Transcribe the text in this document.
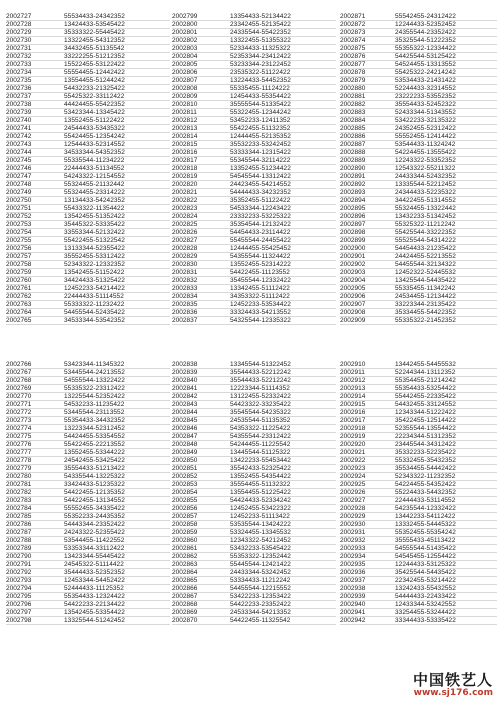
2002727	55534433-24342352
2002728	13424433-53545422
2002729	35333322-55445422
2002730	13322455-54312352
2002731	34432455-51135542
2002732	33222255-51212352
2002733	15522455-53122422
2002734	55554455-12442422
2002735	13554455-51244242
2002736	54432233-21325422
2002737	55425322-33112422
2002738	44424455-55422352
2002739	53423344-13345422
2002740	13552455-51122422
2002741	24544433-53435322
2002742	55424455-12354242
2002743	12544433-52314552
2002744	34533344-54352352
2002745	55335544-11234222
2002746	22444433-51134552
2002747	54243322-12154552
2002748	55324455-21132442
2002749	55324455-23314222
2002750	13134433-54242352
2002751	55433322-11354422
2002752	13542455-51352422
2002753	35445322-53335422
2002754	33553344-52132422
2002755	55422455-51322542
2002756	13133344-52355422
2002757	35552455-53312422
2002758	52343322-12332352
2002759	13542455-51152422
2002760	34424433-51325422
2002761	12452233-54214422
2002762	22444433-51114552
2002763	55333322-11232422
2002764	54455544-52435422
2002765	34533344-53542352
2002799	13354433-52134422
2002800	23342455-52135422
2002801	24335544-55422352
2002802	13322455-51355322
2002803	52334433-11325322
2002804	52353344-23412422
2002805	53233344-23122452
2002806	23535322-51122422
2002807	13224433-54452352
2002808	55335455-11124222
2002809	12454433-55354422
2002810	35555544-51335422
2002811	55322455-12344242
2002812	53452233-12411352
2002813	55422455-51132352
2002814	12444455-52135352
2002815	35532233-53242452
2002816	53333344-12315422
2002817	55345544-32114222
2002818	13352455-51234422
2002819	54545544-13312422
2002820	24423455-54214552
2002821	54444433-34232352
2002822	35352455-51122422
2002823	54533344-12243422
2002824	23332233-53225322
2002825	35354544-12132422
2002826	54454433-23114422
2002827	55455544-24455422
2002828	12444455-55425452
2002829	54355544-11324422
2002830	13552455-52314222
2002831	54422455-11123552
2002832	35455544-12332422
2002833	13342455-51112422
2002834	34353322-51112422
2002835	12452233-53534422
2002836	33324433-54213552
2002837	54325544-12335322
2002871	55542455-24312422
2002872	12244433-52352452
2002873	24355544-23352422
2002874	35325544-51222352
2002875	55355322-12334422
2002876	54425544-53125422
2002877	54524455-13313552
2002878	55425322-24214242
2002879	53534433-21431422
2002880	52244433-32314552
2002881	23222233-53552352
2002882	35554433-52452322
2002883	52433344-51343552
2002884	53422233-32135322
2002885	24352455-52312422
2002886	55552455-12414422
2002887	53544433-11324242
2002888	54224455-13555422
2002889	12243322-53352352
2002890	12543322-55211322
2002891	24433344-52432352
2002892	13335544-52212452
2002893	24344433-52235322
2002894	34422455-51314552
2002895	55324455-13322442
2002896	13432233-51342452
2002897	55325322-11212242
2002898	55425544-33222352
2002899	55525544-54314222
2002900	54454433-21235422
2002901	24424455-52213552
2002902	54455544-32134322
2002903	12452322-52445532
2002904	13425544-54435422
2002905	55335455-11342242
2002906	24534455-12134422
2002907	33223344-23135422
2002908	35334455-54422352
2002909	55335322-21452352
2002766	53423344-11345322
2002767	53445544-24213552
2002768	54555544-13322422
2002769	55335322-23312422
2002770	13225544-52352422
2002771	54532233-11235422
2002772	53445544-23113552
2002773	55354433-34432352
2002774	13223344-52312452
2002775	54424455-53354552
2002776	55422455-22213552
2002777	13552455-53344222
2002778	24542455-53425422
2002779	35554433-51213422
2002780	54335544-13225322
2002781	33424433-51235322
2002782	54422455-12135352
2002783	54422455-13134552
2002784	55552455-34335422
2002785	55352233-24435352
2002786	54443344-23352422
2002787	24243322-52355422
2002788	53544455-11422552
2002789	53353344-33112422
2002790	13423344-55445422
2002791	24545322-51114422
2002792	35444433-52352352
2002793	12453344-54452422
2002794	52444433-11125352
2002795	55354433-12324422
2002796	54422233-22134422
2002797	13542455-53354422
2002798	13325544-51242452
2002838	13345544-51322452
2002839	35544433-52212242
2002840	35544433-52212242
2002841	12223344-51114352
2002842	13122455-52332422
2002843	54423322-33235422
2002844	35545544-54235322
2002845	24535544-51135352
2002846	54353322-11225422
2002847	54355544-23312422
2002848	54244455-11225542
2002849	13445544-51125322
2002850	13422233-55453442
2002851	35542433-52325422
2002852	13552455-54354422
2002853	35554455-51132322
2002854	13554455-51225422
2002855	54424433-52334242
2002856	12452455-53422322
2002857	12452233-51113422
2002858	53535544-13424222
2002859	53324455-13345532
2002860	12343322-54212452
2002861	53432233-53545422
2002862	55353322-12352442
2002863	55445544-12421422
2002864	24433344-53242452
2002865	53334433-11212242
2002866	54455544-12215552
2002867	53422233-12353422
2002868	54422233-23352422
2002869	24533344-54213352
2002870	54422455-11325542
2002910	13442455-54455532
2002911	52244344-13112352
2002912	55354455-21214242
2002913	55354433-53254422
2002914	55442455-22335422
2002915	54432455-33124552
2002916	12343344-51222422
2002917	35422455-12514422
2002918	52355544-13554422
2002919	22234344-51312352
2002920	23445544-34312422
2002921	35332233-52235422
2002922	55332455-35432352
2002923	35534455-54442422
2002924	52343322-11232352
2002925	54224455-54352422
2002926	55224433-54432352
2002927	22444433-53114552
2002928	54235544-12332422
2002929	13442233-54112422
2002930	13332455-54445322
2002931	55352455-55354242
2002932	35555433-45113422
2002933	54555544-51435422
2002934	54545455-12554422
2002935	12244433-53125322
2002936	35425544-54435422
2002937	22342455-53214422
2002938	13242433-55432552
2002939	54444433-22433422
2002940	12433344-53242552
2002941	33254455-53244422
2002942	33344433-53335422
中国铁艺人
www.sj176.com
